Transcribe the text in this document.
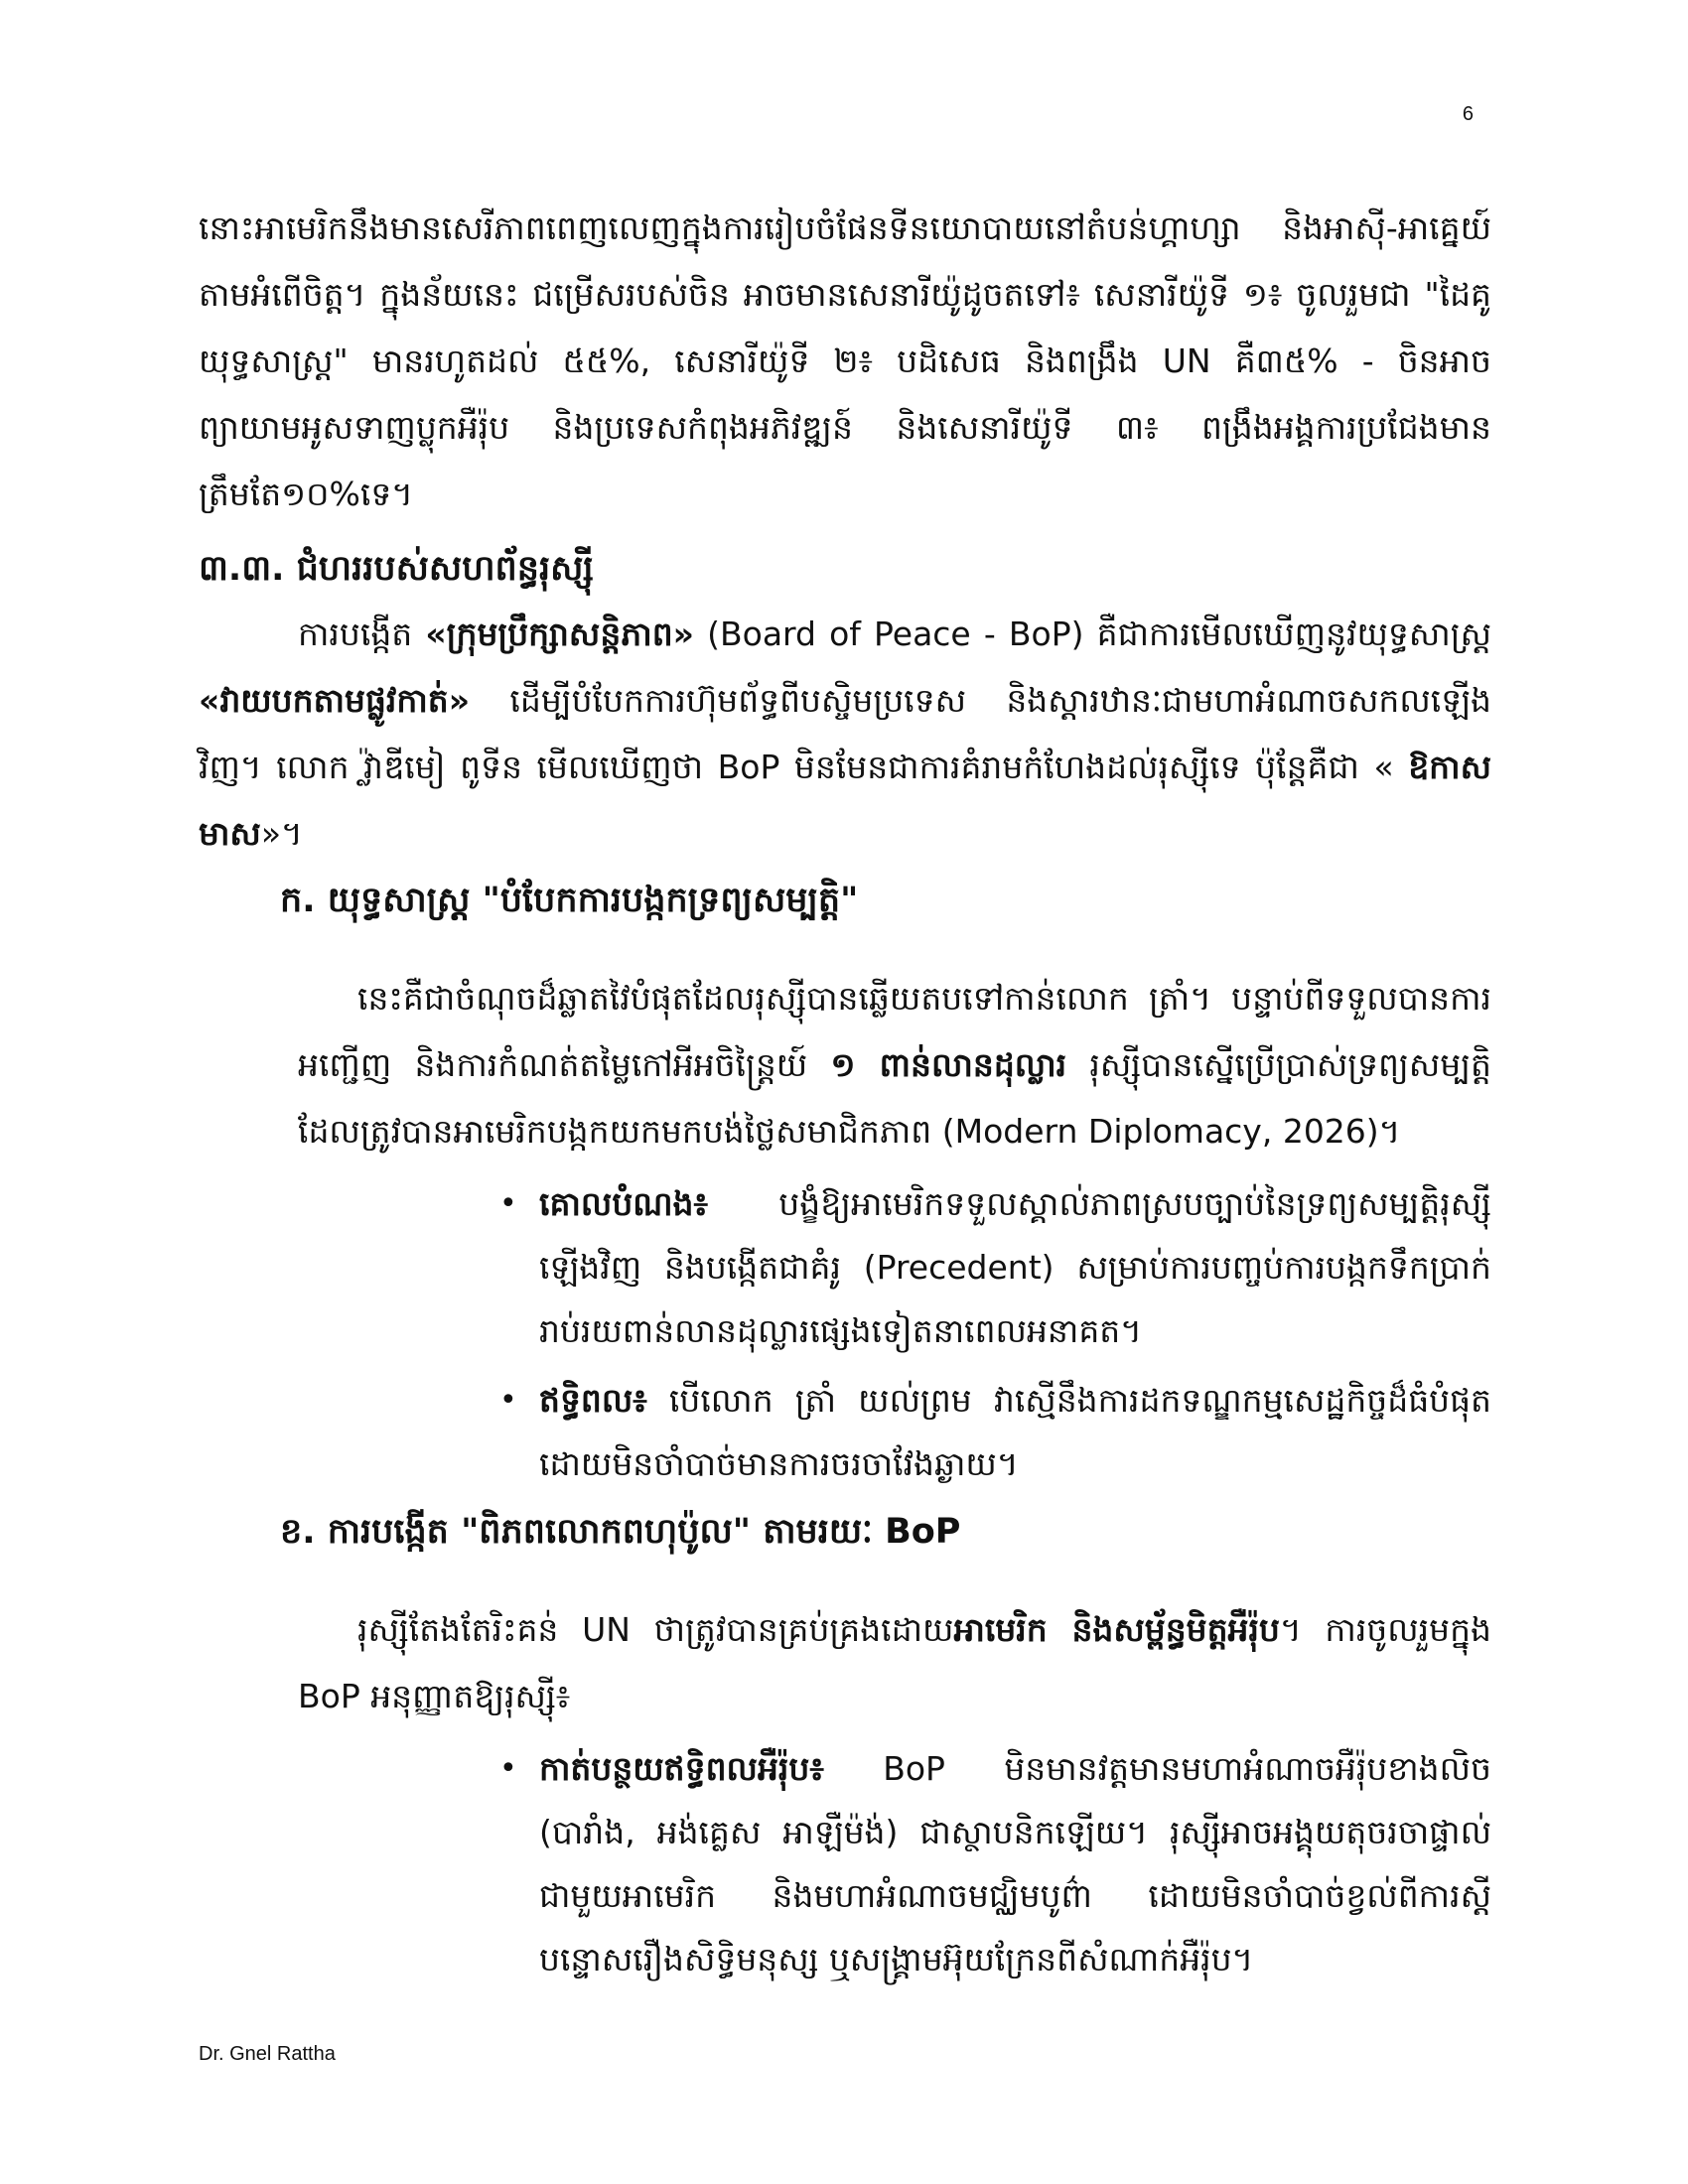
6

នោះអាមេរិកនឹងមានសេរីភាពពេញលេញក្នុងការរៀបចំផែនទីនយោបាយនៅតំបន់ហ្គាហ្សា និងអាស៊ី-អាគ្នេយ៍តាមអំពើចិត្ត។ ក្នុងន័យនេះ ជម្រើសរបស់ចិន អាចមានសេនារីយ៉ូដូចតទៅ៖ សេនារីយ៉ូទី ១៖ ចូលរួមជា "ដៃគូយុទ្ធសាស្ត្រ" មានរហូតដល់ ៥៥%, សេនារីយ៉ូទី ២៖ បដិសេធ និងពង្រឹង UN គឺ៣៥% - ចិនអាចព្យាយាមអូសទាញប្លុកអឺរ៉ុប និងប្រទេសកំពុងអភិវឌ្ឍន៍ និងសេនារីយ៉ូទី ៣៖ ពង្រឹងអង្គការប្រជែងមានត្រឹមតែ១០%ទេ។

៣.៣. ជំហររបស់សហព័ន្ធរុស្ស៊ី

ការបង្កើត «ក្រុមប្រឹក្សាសន្តិភាព» (Board of Peace - BoP) គឺជាការមើលឃើញនូវយុទ្ធសាស្ត្រ «វាយបកតាមផ្លូវកាត់» ដើម្បីបំបែកការហ៊ុមព័ទ្ធពីបស្ចិមប្រទេស និងស្តារឋានៈជាមហាអំណាចសកលឡើងវិញ។ លោក វ្ល៉ាឌីមៀ ពូទីន មើលឃើញថា BoP មិនមែនជាការគំរាមកំហែងដល់រុស្ស៊ីទេ ប៉ុន្តែគឺជា « ឱកាសមាស»។

ក. យុទ្ធសាស្ត្រ "បំបែកការបង្កកទ្រព្យសម្បត្តិ"

នេះគឺជាចំណុចដ៏ឆ្លាតវៃបំផុតដែលរុស្ស៊ីបានឆ្លើយតបទៅកាន់លោក ត្រាំ។ បន្ទាប់ពីទទួលបានការអញ្ជើញ និងការកំណត់តម្លៃកៅអីអចិន្ត្រៃយ៍ ១ ពាន់លានដុល្លារ រុស្ស៊ីបានស្នើប្រើប្រាស់ទ្រព្យសម្បត្តិដែលត្រូវបានអាមេរិកបង្កកយកមកបង់ថ្លៃសមាជិកភាព (Modern Diplomacy, 2026)។

• គោលបំណង៖ បង្ខំឱ្យអាមេរិកទទួលស្គាល់ភាពស្របច្បាប់នៃទ្រព្យសម្បត្តិរុស្ស៊ីឡើងវិញ និងបង្កើតជាគំរូ (Precedent) សម្រាប់ការបញ្ចប់ការបង្កកទឹកប្រាក់រាប់រយពាន់លានដុល្លារផ្សេងទៀតនាពេលអនាគត។
• ឥទ្ធិពល៖ បើលោក ត្រាំ យល់ព្រម វាស្មើនឹងការដកទណ្ឌកម្មសេដ្ឋកិច្ចដ៏ធំបំផុតដោយមិនចាំបាច់មានការចរចាវែងឆ្ងាយ។
ខ. ការបង្កើត "ពិភពលោកពហុប៉ូល" តាមរយៈ BoP

រុស្ស៊ីតែងតែរិះគន់ UN ថាត្រូវបានគ្រប់គ្រងដោយអាមេរិក និងសម្ព័ន្ធមិត្តអឺរ៉ុប។ ការចូលរួមក្នុង BoP អនុញ្ញាតឱ្យរុស្ស៊ី៖

• កាត់បន្ថយឥទ្ធិពលអឺរ៉ុប៖ BoP មិនមានវត្តមានមហាអំណាចអឺរ៉ុបខាងលិច (បារាំង, អង់គ្លេស អាឡឺម៉ង់) ជាស្ថាបនិកឡើយ។ រុស្ស៊ីអាចអង្គុយតុចរចាផ្ទាល់ជាមួយអាមេរិក និងមហាអំណាចមជ្ឈិមបូព៌ា ដោយមិនចាំបាច់ខ្វល់ពីការស្តីបន្ទោសរឿងសិទ្ធិមនុស្ស ឬសង្គ្រាមអ៊ុយក្រែនពីសំណាក់អឺរ៉ុប។
Dr. Gnel Rattha
